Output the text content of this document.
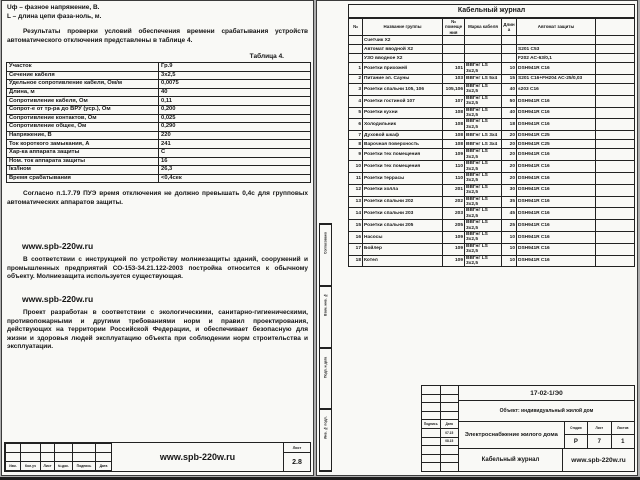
Uф – фазное напряжение, В.
L – длина цепи фаза-ноль, м.
Результаты проверки условий обеспечения времени срабатывания устройств автоматического отключения представлены в таблице 4.
Таблица 4.
Участок	Гр.9
Сечение кабеля	3х2,5
Удельное сопротивление кабеля, Ом/м	0,0075
Длина, м	40
Сопротивление кабеля, Ом	0,11
Сопрот-е от тр-ра до ВРУ (уср.), Ом	0,200
Сопротивление контактов, Ом	0,025
Сопротивление общее, Ом	0,290
Напряжение, В	220
Ток короткого замыкания, А	241
Хар-ка аппарата защиты	C
Ном. ток аппарата защиты	16
Iкз/Iном	26,3
Время срабатывания	<0,4сек
Согласно п.1.7.79 ПУЭ время отключения не должно превышать 0,4с для групповых автоматических аппаратов защиты.
www.spb-220w.ru
В соответствии с инструкцией по устройству молниезащиты зданий, сооружений и промышленных предприятий СО-153-34.21.122-2003 постройка относится к обычному объекту. Молниезащита используется существующая.
www.spb-220w.ru
Проект разработан в соответствии с экологическими, санитарно-гигиеническими, противопожарными и другими требованиями норм и правил проектирования, действующих на территории Российской Федерации, и обеспечивает безопасную для жизни и здоровья людей эксплуатацию объекта при соблюдении норм строительства и эксплуатации.

Изм.	Кол.уч	Лист	№док.	Подпись	Дата
www.spb-220w.ru
Лист
2.8
Кабельный журнал						
№	Название группы	№ помещения	Марка кабеля	Длина	Автомат защиты	
	Счетчик Х2					
	Автомат вводной Х2				S201 C53	
	УЗО вводное Х2				F202 AC-63/0,1	
1	Розетки прихожей	101	ВВГнг LS 3х2,5	10	DSH941R C16	
2	Питание эл. Сауны	103	ВВГнг LS 5х4	15	S201 C16+FH204 AC-25/0,03	
3	Розетки спальни 105, 106	105,106	ВВГнг LS 3х2,5	40	s203 C16	
4	Розетки гостиной 107	107	ВВГнг LS 3х2,5	50	DSH941R C16	
5	Розетки кухни	108	ВВГнг LS 3х2,5	40	DSH941R C16	
6	Холодильник	108	ВВГнг LS 3х2,5	18	DSH941R C16	
7	Духовой шкаф	108	ВВГнг LS 3х4	20	DSH941R C25	
8	Варочная поверхность	108	ВВГнг LS 3х4	20	DSH941R C25	
9	Розетки тех помещения	109	ВВГнг LS 3х2,5	20	DSH941R C16	
10	Розетки тех помещения	110	ВВГнг LS 3х2,5	20	DSH941R C16	
11	Розетки террасы	110	ВВГнг LS 3х2,5	20	DSH941R C16	
12	Розетки холла	201	ВВГнг LS 3х2,5	30	DSH941R C16	
13	Розетки спальни 202	202	ВВГнг LS 3х2,5	35	DSH941R C16	
14	Розетки спальни 203	203	ВВГнг LS 3х2,5	45	DSH941R C16	
15	Розетки спальни 205	205	ВВГнг LS 3х2,5	25	DSH941R C16	
16	Насосы	109	ВВГнг LS 3х2,5	10	DSH941R C16	
17	Бойлер	109	ВВГнг LS 3х2,5	10	DSH941R C16	
18	Котел	109	ВВГнг LS 3х2,5	10	DSH941R C16	
Согласовано
Взам. инв. №
Подп. и дата
Инв. № подл.	Подпись	Дата
07.15
08.15
17-02-1/Э0
Объект: индивидуальный жилой дом
Электроснабжение жилого дома
Стадия	Лист	Листов
Р	7	1
Кабельный журнал	www.spb-220w.ru
